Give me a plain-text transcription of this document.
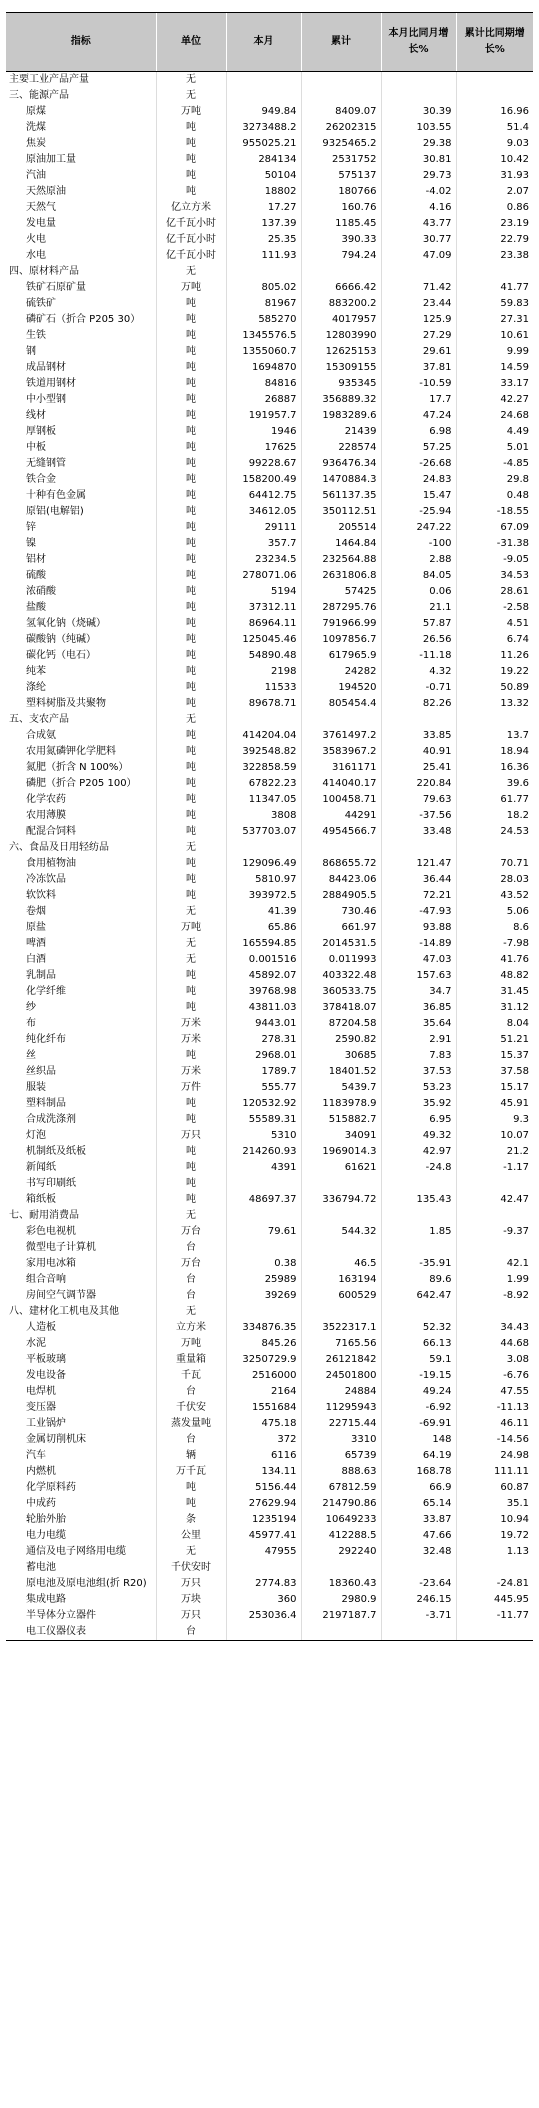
指标	单位	本月	累计	本月比同月增长%	累计比同期增长%
主要工业产品产量	无				
三、能源产品	无				
原煤	万吨	949.84	8409.07	30.39	16.96
洗煤	吨	3273488.2	26202315	103.55	51.4
焦炭	吨	955025.21	9325465.2	29.38	9.03
原油加工量	吨	284134	2531752	30.81	10.42
汽油	吨	50104	575137	29.73	31.93
天然原油	吨	18802	180766	-4.02	2.07
天然气	亿立方米	17.27	160.76	4.16	0.86
发电量	亿千瓦小时	137.39	1185.45	43.77	23.19
火电	亿千瓦小时	25.35	390.33	30.77	22.79
水电	亿千瓦小时	111.93	794.24	47.09	23.38
四、原材料产品	无				
铁矿石原矿量	万吨	805.02	6666.42	71.42	41.77
硫铁矿	吨	81967	883200.2	23.44	59.83
磷矿石（折合 P205 30）	吨	585270	4017957	125.9	27.31
生铁	吨	1345576.5	12803990	27.29	10.61
钢	吨	1355060.7	12625153	29.61	9.99
成品钢材	吨	1694870	15309155	37.81	14.59
铁道用钢材	吨	84816	935345	-10.59	33.17
中小型钢	吨	26887	356889.32	17.7	42.27
线材	吨	191957.7	1983289.6	47.24	24.68
厚钢板	吨	1946	21439	6.98	4.49
中板	吨	17625	228574	57.25	5.01
无缝钢管	吨	99228.67	936476.34	-26.68	-4.85
铁合金	吨	158200.49	1470884.3	24.83	29.8
十种有色金属	吨	64412.75	561137.35	15.47	0.48
原铝(电解铝)	吨	34612.05	350112.51	-25.94	-18.55
锌	吨	29111	205514	247.22	67.09
镍	吨	357.7	1464.84	-100	-31.38
铝材	吨	23234.5	232564.88	2.88	-9.05
硫酸	吨	278071.06	2631806.8	84.05	34.53
浓硝酸	吨	5194	57425	0.06	28.61
盐酸	吨	37312.11	287295.76	21.1	-2.58
氢氧化钠（烧碱）	吨	86964.11	791966.99	57.87	4.51
碳酸钠（纯碱）	吨	125045.46	1097856.7	26.56	6.74
碳化钙（电石）	吨	54890.48	617965.9	-11.18	11.26
纯苯	吨	2198	24282	4.32	19.22
涤纶	吨	11533	194520	-0.71	50.89
塑料树脂及共聚物	吨	89678.71	805454.4	82.26	13.32
五、支农产品	无				
合成氨	吨	414204.04	3761497.2	33.85	13.7
农用氮磷钾化学肥料	吨	392548.82	3583967.2	40.91	18.94
氮肥（折含 N 100%）	吨	322858.59	3161171	25.41	16.36
磷肥（折合 P205 100）	吨	67822.23	414040.17	220.84	39.6
化学农药	吨	11347.05	100458.71	79.63	61.77
农用薄膜	吨	3808	44291	-37.56	18.2
配混合饲料	吨	537703.07	4954566.7	33.48	24.53
六、食品及日用轻纺品	无				
食用植物油	吨	129096.49	868655.72	121.47	70.71
冷冻饮品	吨	5810.97	84423.06	36.44	28.03
软饮料	吨	393972.5	2884905.5	72.21	43.52
卷烟	无	41.39	730.46	-47.93	5.06
原盐	万吨	65.86	661.97	93.88	8.6
啤酒	无	165594.85	2014531.5	-14.89	-7.98
白酒	无	0.001516	0.011993	47.03	41.76
乳制品	吨	45892.07	403322.48	157.63	48.82
化学纤维	吨	39768.98	360533.75	34.7	31.45
纱	吨	43811.03	378418.07	36.85	31.12
布	万米	9443.01	87204.58	35.64	8.04
纯化纤布	万米	278.31	2590.82	2.91	51.21
丝	吨	2968.01	30685	7.83	15.37
丝织品	万米	1789.7	18401.52	37.53	37.58
服装	万件	555.77	5439.7	53.23	15.17
塑料制品	吨	120532.92	1183978.9	35.92	45.91
合成洗涤剂	吨	55589.31	515882.7	6.95	9.3
灯泡	万只	5310	34091	49.32	10.07
机制纸及纸板	吨	214260.93	1969014.3	42.97	21.2
新闻纸	吨	4391	61621	-24.8	-1.17
书写印刷纸	吨				
箱纸板	吨	48697.37	336794.72	135.43	42.47
七、耐用消费品	无				
彩色电视机	万台	79.61	544.32	1.85	-9.37
微型电子计算机	台				
家用电冰箱	万台	0.38	46.5	-35.91	42.1
组合音响	台	25989	163194	89.6	1.99
房间空气调节器	台	39269	600529	642.47	-8.92
八、建材化工机电及其他	无				
人造板	立方米	334876.35	3522317.1	52.32	34.43
水泥	万吨	845.26	7165.56	66.13	44.68
平板玻璃	重量箱	3250729.9	26121842	59.1	3.08
发电设备	千瓦	2516000	24501800	-19.15	-6.76
电焊机	台	2164	24884	49.24	47.55
变压器	千伏安	1551684	11295943	-6.92	-11.13
工业锅炉	蒸发量吨	475.18	22715.44	-69.91	46.11
金属切削机床	台	372	3310	148	-14.56
汽车	辆	6116	65739	64.19	24.98
内燃机	万千瓦	134.11	888.63	168.78	111.11
化学原料药	吨	5156.44	67812.59	66.9	60.87
中成药	吨	27629.94	214790.86	65.14	35.1
轮胎外胎	条	1235194	10649233	33.87	10.94
电力电缆	公里	45977.41	412288.5	47.66	19.72
通信及电子网络用电缆	无	47955	292240	32.48	1.13
蓄电池	千伏安时				
原电池及原电池组(折 R20)	万只	2774.83	18360.43	-23.64	-24.81
集成电路	万块	360	2980.9	246.15	445.95
半导体分立器件	万只	253036.4	2197187.7	-3.71	-11.77
电工仪器仪表	台				
